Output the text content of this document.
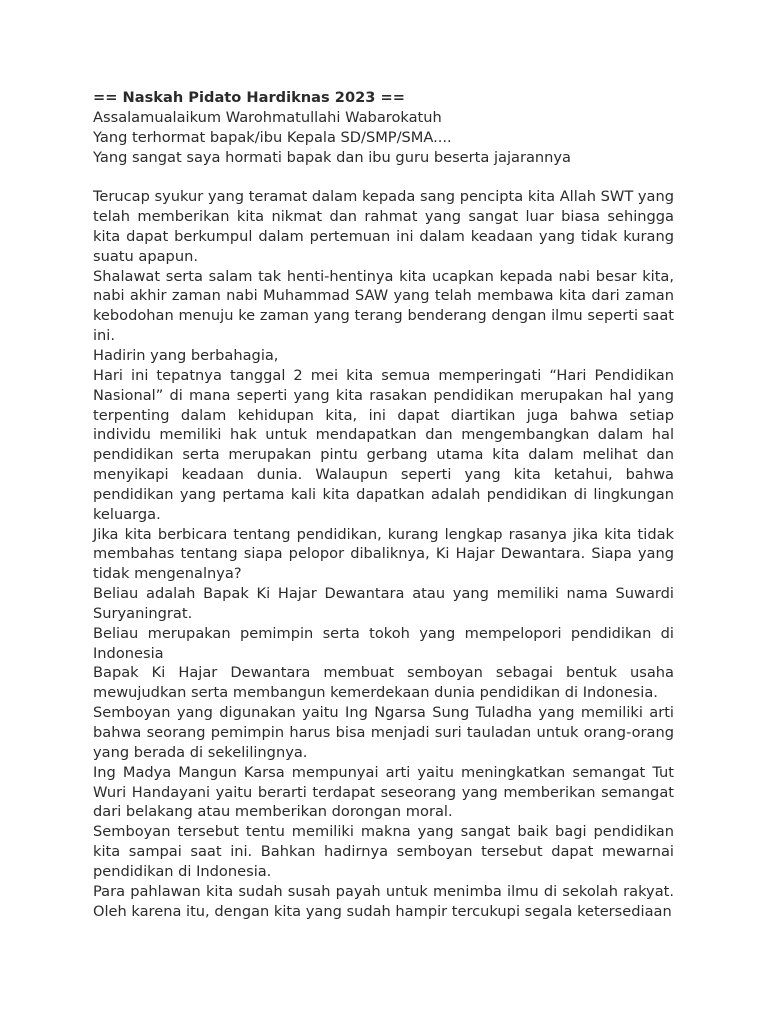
== Naskah Pidato Hardiknas 2023 ==
Assalamualaikum Warohmatullahi Wabarokatuh
Yang terhormat bapak/ibu Kepala SD/SMP/SMA....
Yang sangat saya hormati bapak dan ibu guru beserta jajarannya

Terucap syukur yang teramat dalam kepada sang pencipta kita Allah SWT yang telah memberikan kita nikmat dan rahmat yang sangat luar biasa sehingga kita dapat berkumpul dalam pertemuan ini dalam keadaan yang tidak kurang suatu apapun.

Shalawat serta salam tak henti-hentinya kita ucapkan kepada nabi besar kita, nabi akhir zaman nabi Muhammad SAW yang telah membawa kita dari zaman kebodohan menuju ke zaman yang terang benderang dengan ilmu seperti saat ini.

Hadirin yang berbahagia,

Hari ini tepatnya tanggal 2 mei kita semua memperingati “Hari Pendidikan Nasional” di mana seperti yang kita rasakan pendidikan merupakan hal yang terpenting dalam kehidupan kita, ini dapat diartikan juga bahwa setiap individu memiliki hak untuk mendapatkan dan mengembangkan dalam hal pendidikan serta merupakan pintu gerbang utama kita dalam melihat dan menyikapi keadaan dunia. Walaupun seperti yang kita ketahui, bahwa pendidikan yang pertama kali kita dapatkan adalah pendidikan di lingkungan keluarga.

Jika kita berbicara tentang pendidikan, kurang lengkap rasanya jika kita tidak membahas tentang siapa pelopor dibaliknya, Ki Hajar Dewantara. Siapa yang tidak mengenalnya?

Beliau adalah Bapak Ki Hajar Dewantara atau yang memiliki nama Suwardi Suryaningrat.

Beliau merupakan pemimpin serta tokoh yang mempelopori pendidikan di Indonesia

Bapak Ki Hajar Dewantara membuat semboyan sebagai bentuk usaha mewujudkan serta membangun kemerdekaan dunia pendidikan di Indonesia.

Semboyan yang digunakan yaitu Ing Ngarsa Sung Tuladha yang memiliki arti bahwa seorang pemimpin harus bisa menjadi suri tauladan untuk orang-orang yang berada di sekelilingnya.

Ing Madya Mangun Karsa mempunyai arti yaitu meningkatkan semangat Tut Wuri Handayani yaitu berarti terdapat seseorang yang memberikan semangat dari belakang atau memberikan dorongan moral.

Semboyan tersebut tentu memiliki makna yang sangat baik bagi pendidikan kita sampai saat ini. Bahkan hadirnya semboyan tersebut dapat mewarnai pendidikan di Indonesia.

Para pahlawan kita sudah susah payah untuk menimba ilmu di sekolah rakyat. Oleh karena itu, dengan kita yang sudah hampir tercukupi segala ketersediaan
